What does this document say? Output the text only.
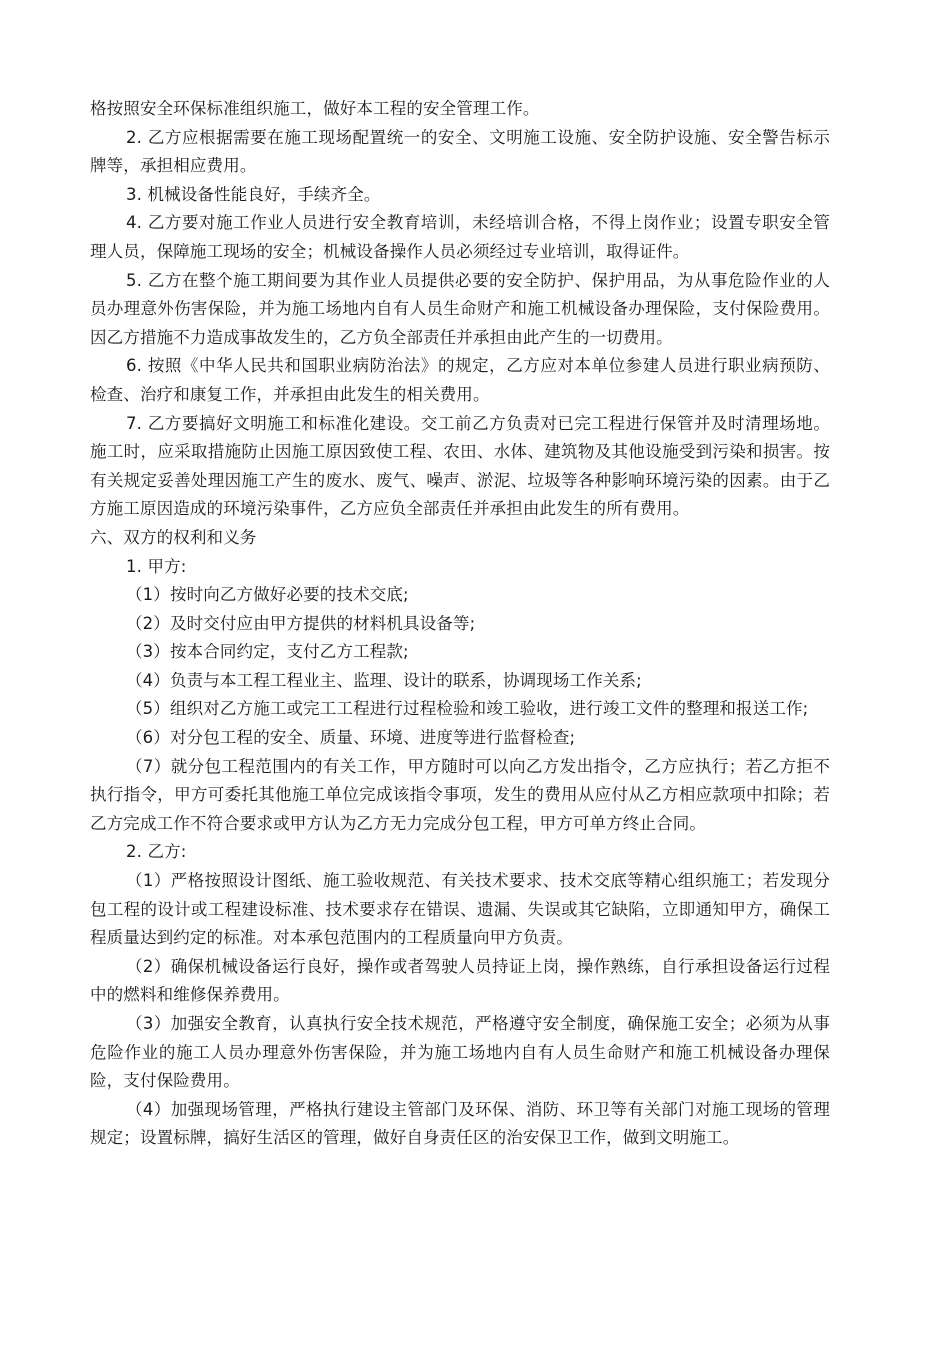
格按照安全环保标准组织施工，做好本工程的安全管理工作。

2. 乙方应根据需要在施工现场配置统一的安全、文明施工设施、安全防护设施、安全警告标示牌等，承担相应费用。

3. 机械设备性能良好，手续齐全。

4. 乙方要对施工作业人员进行安全教育培训，未经培训合格，不得上岗作业；设置专职安全管理人员，保障施工现场的安全；机械设备操作人员必须经过专业培训，取得证件。

5. 乙方在整个施工期间要为其作业人员提供必要的安全防护、保护用品，为从事危险作业的人员办理意外伤害保险，并为施工场地内自有人员生命财产和施工机械设备办理保险，支付保险费用。因乙方措施不力造成事故发生的，乙方负全部责任并承担由此产生的一切费用。

6. 按照《中华人民共和国职业病防治法》的规定，乙方应对本单位参建人员进行职业病预防、检查、治疗和康复工作，并承担由此发生的相关费用。

7. 乙方要搞好文明施工和标准化建设。交工前乙方负责对已完工程进行保管并及时清理场地。施工时，应采取措施防止因施工原因致使工程、农田、水体、建筑物及其他设施受到污染和损害。按有关规定妥善处理因施工产生的废水、废气、噪声、淤泥、垃圾等各种影响环境污染的因素。由于乙方施工原因造成的环境污染事件，乙方应负全部责任并承担由此发生的所有费用。

六、双方的权利和义务

1. 甲方:

（1）按时向乙方做好必要的技术交底;

（2）及时交付应由甲方提供的材料机具设备等;

（3）按本合同约定，支付乙方工程款;

（4）负责与本工程工程业主、监理、设计的联系，协调现场工作关系;

（5）组织对乙方施工或完工工程进行过程检验和竣工验收，进行竣工文件的整理和报送工作;

（6）对分包工程的安全、质量、环境、进度等进行监督检查;

（7）就分包工程范围内的有关工作，甲方随时可以向乙方发出指令，乙方应执行；若乙方拒不执行指令，甲方可委托其他施工单位完成该指令事项，发生的费用从应付从乙方相应款项中扣除；若乙方完成工作不符合要求或甲方认为乙方无力完成分包工程，甲方可单方终止合同。

2. 乙方:

（1）严格按照设计图纸、施工验收规范、有关技术要求、技术交底等精心组织施工；若发现分包工程的设计或工程建设标准、技术要求存在错误、遗漏、失误或其它缺陷，立即通知甲方，确保工程质量达到约定的标准。对本承包范围内的工程质量向甲方负责。

（2）确保机械设备运行良好，操作或者驾驶人员持证上岗，操作熟练，自行承担设备运行过程中的燃料和维修保养费用。

（3）加强安全教育，认真执行安全技术规范，严格遵守安全制度，确保施工安全；必须为从事危险作业的施工人员办理意外伤害保险，并为施工场地内自有人员生命财产和施工机械设备办理保险，支付保险费用。

（4）加强现场管理，严格执行建设主管部门及环保、消防、环卫等有关部门对施工现场的管理规定；设置标牌，搞好生活区的管理，做好自身责任区的治安保卫工作，做到文明施工。
